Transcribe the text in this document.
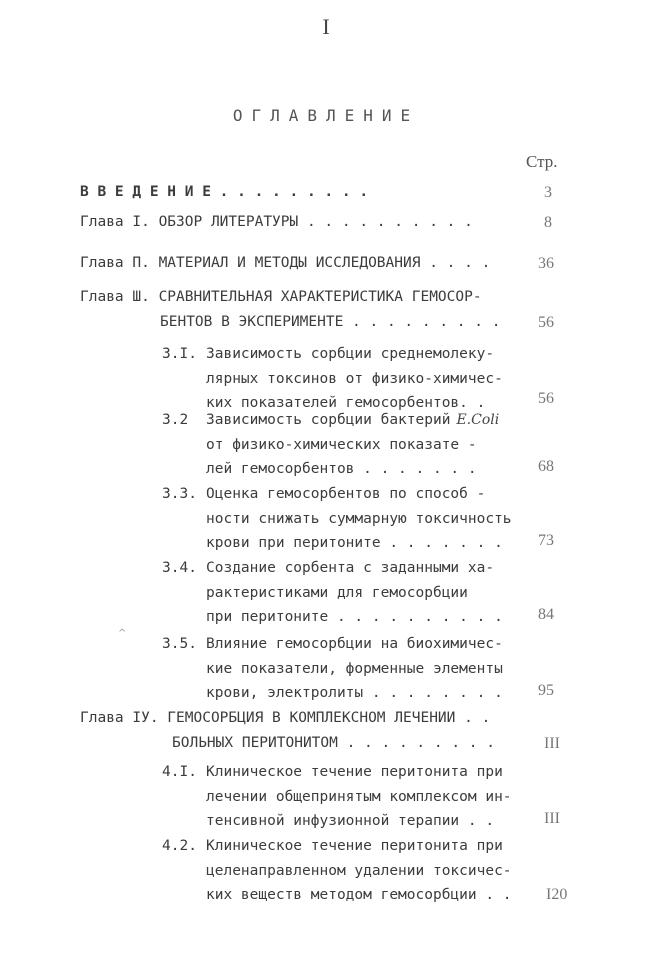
I
ОГЛАВЛЕНИЕ
Стр.
В В Е Д Е Н И Е . . . . . . . . .	3
Глава I. ОБЗОР ЛИТЕРАТУРЫ . . . . . . . . . .	8
Глава П. МАТЕРИАЛ И МЕТОДЫ ИССЛЕДОВАНИЯ . . . .	36
Глава Ш. СРАВНИТЕЛЬНАЯ ХАРАКТЕРИСТИКА ГЕМОСОР-
БЕНТОВ В ЭКСПЕРИМЕНТЕ . . . . . . . . . 56
3.I. Зависимость сорбции среднемолеку-
лярных токсинов от физико-химичес-
ких показателей гемосорбентов. .	56
3.2 Зависимость сорбции бактерий E.Coli
от физико-химических показате -
лей гемосорбентов . . . . . . .	68
3.3. Оценка гемосорбентов по способ -
ности снижать суммарную токсичность
крови при перитоните . . . . . . .	73
3.4. Создание сорбента с заданными ха-
рактеристиками для гемосорбции
при перитоните . . . . . . . . . . 84
^
3.5. Влияние гемосорбции на биохимичес-
кие показатели, форменные элементы
крови, электролиты . . . . . . . . 95
Глава IУ. ГЕМОСОРБЦИЯ В КОМПЛЕКСНОМ ЛЕЧЕНИИ . .
БОЛЬНЫХ ПЕРИТОНИТОМ . . . . . . . . .	III
4.I. Клиническое течение перитонита при
лечении общепринятым комплексом ин-
тенсивной инфузионной терапии . .	III
4.2. Клиническое течение перитонита при
целенаправленном удалении токсичес-
ких веществ методом гемосорбции . . I20
